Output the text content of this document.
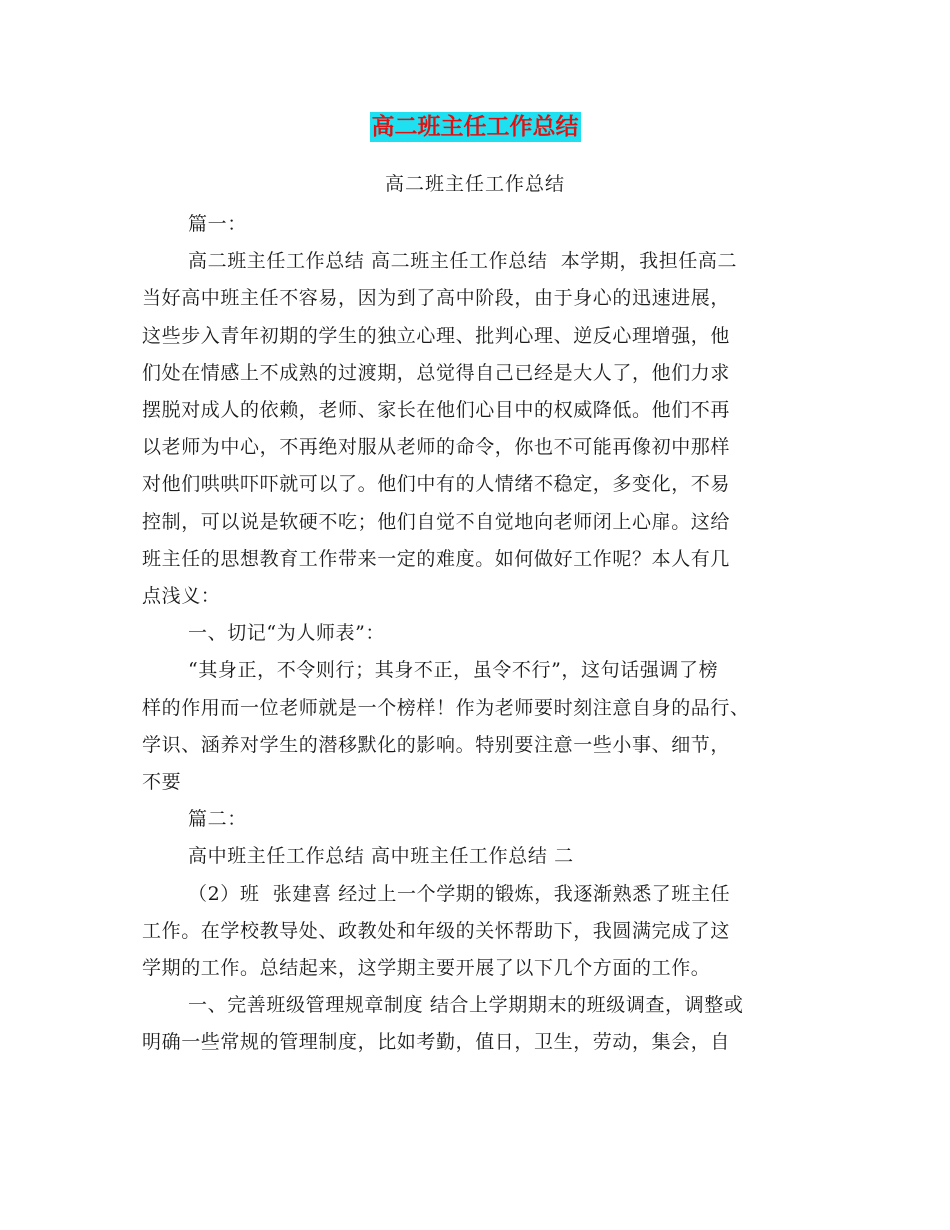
高二班主任工作总结
高二班主任工作总结

篇一：

高二班主任工作总结 高二班主任工作总结  本学期，我担任高二

当好高中班主任不容易，因为到了高中阶段，由于身心的迅速进展，

这些步入青年初期的学生的独立心理、批判心理、逆反心理增强，他

们处在情感上不成熟的过渡期，总觉得自己已经是大人了，他们力求

摆脱对成人的依赖，老师、家长在他们心目中的权威降低。他们不再

以老师为中心，不再绝对服从老师的命令，你也不可能再像初中那样

对他们哄哄吓吓就可以了。他们中有的人情绪不稳定，多变化，不易

控制，可以说是软硬不吃；他们自觉不自觉地向老师闭上心扉。这给

班主任的思想教育工作带来一定的难度。如何做好工作呢？本人有几

点浅义：

一、切记“为人师表”：

“其身正，不令则行；其身不正，虽令不行”，这句话强调了榜

样的作用而一位老师就是一个榜样！作为老师要时刻注意自身的品行、

学识、涵养对学生的潜移默化的影响。特别要注意一些小事、细节，

不要

篇二：

高中班主任工作总结 高中班主任工作总结 二

（2）班  张建喜 经过上一个学期的锻炼，我逐渐熟悉了班主任

工作。在学校教导处、政教处和年级的关怀帮助下，我圆满完成了这

学期的工作。总结起来，这学期主要开展了以下几个方面的工作。

一、完善班级管理规章制度 结合上学期期末的班级调查，调整或

明确一些常规的管理制度，比如考勤，值日，卫生，劳动，集会，自
